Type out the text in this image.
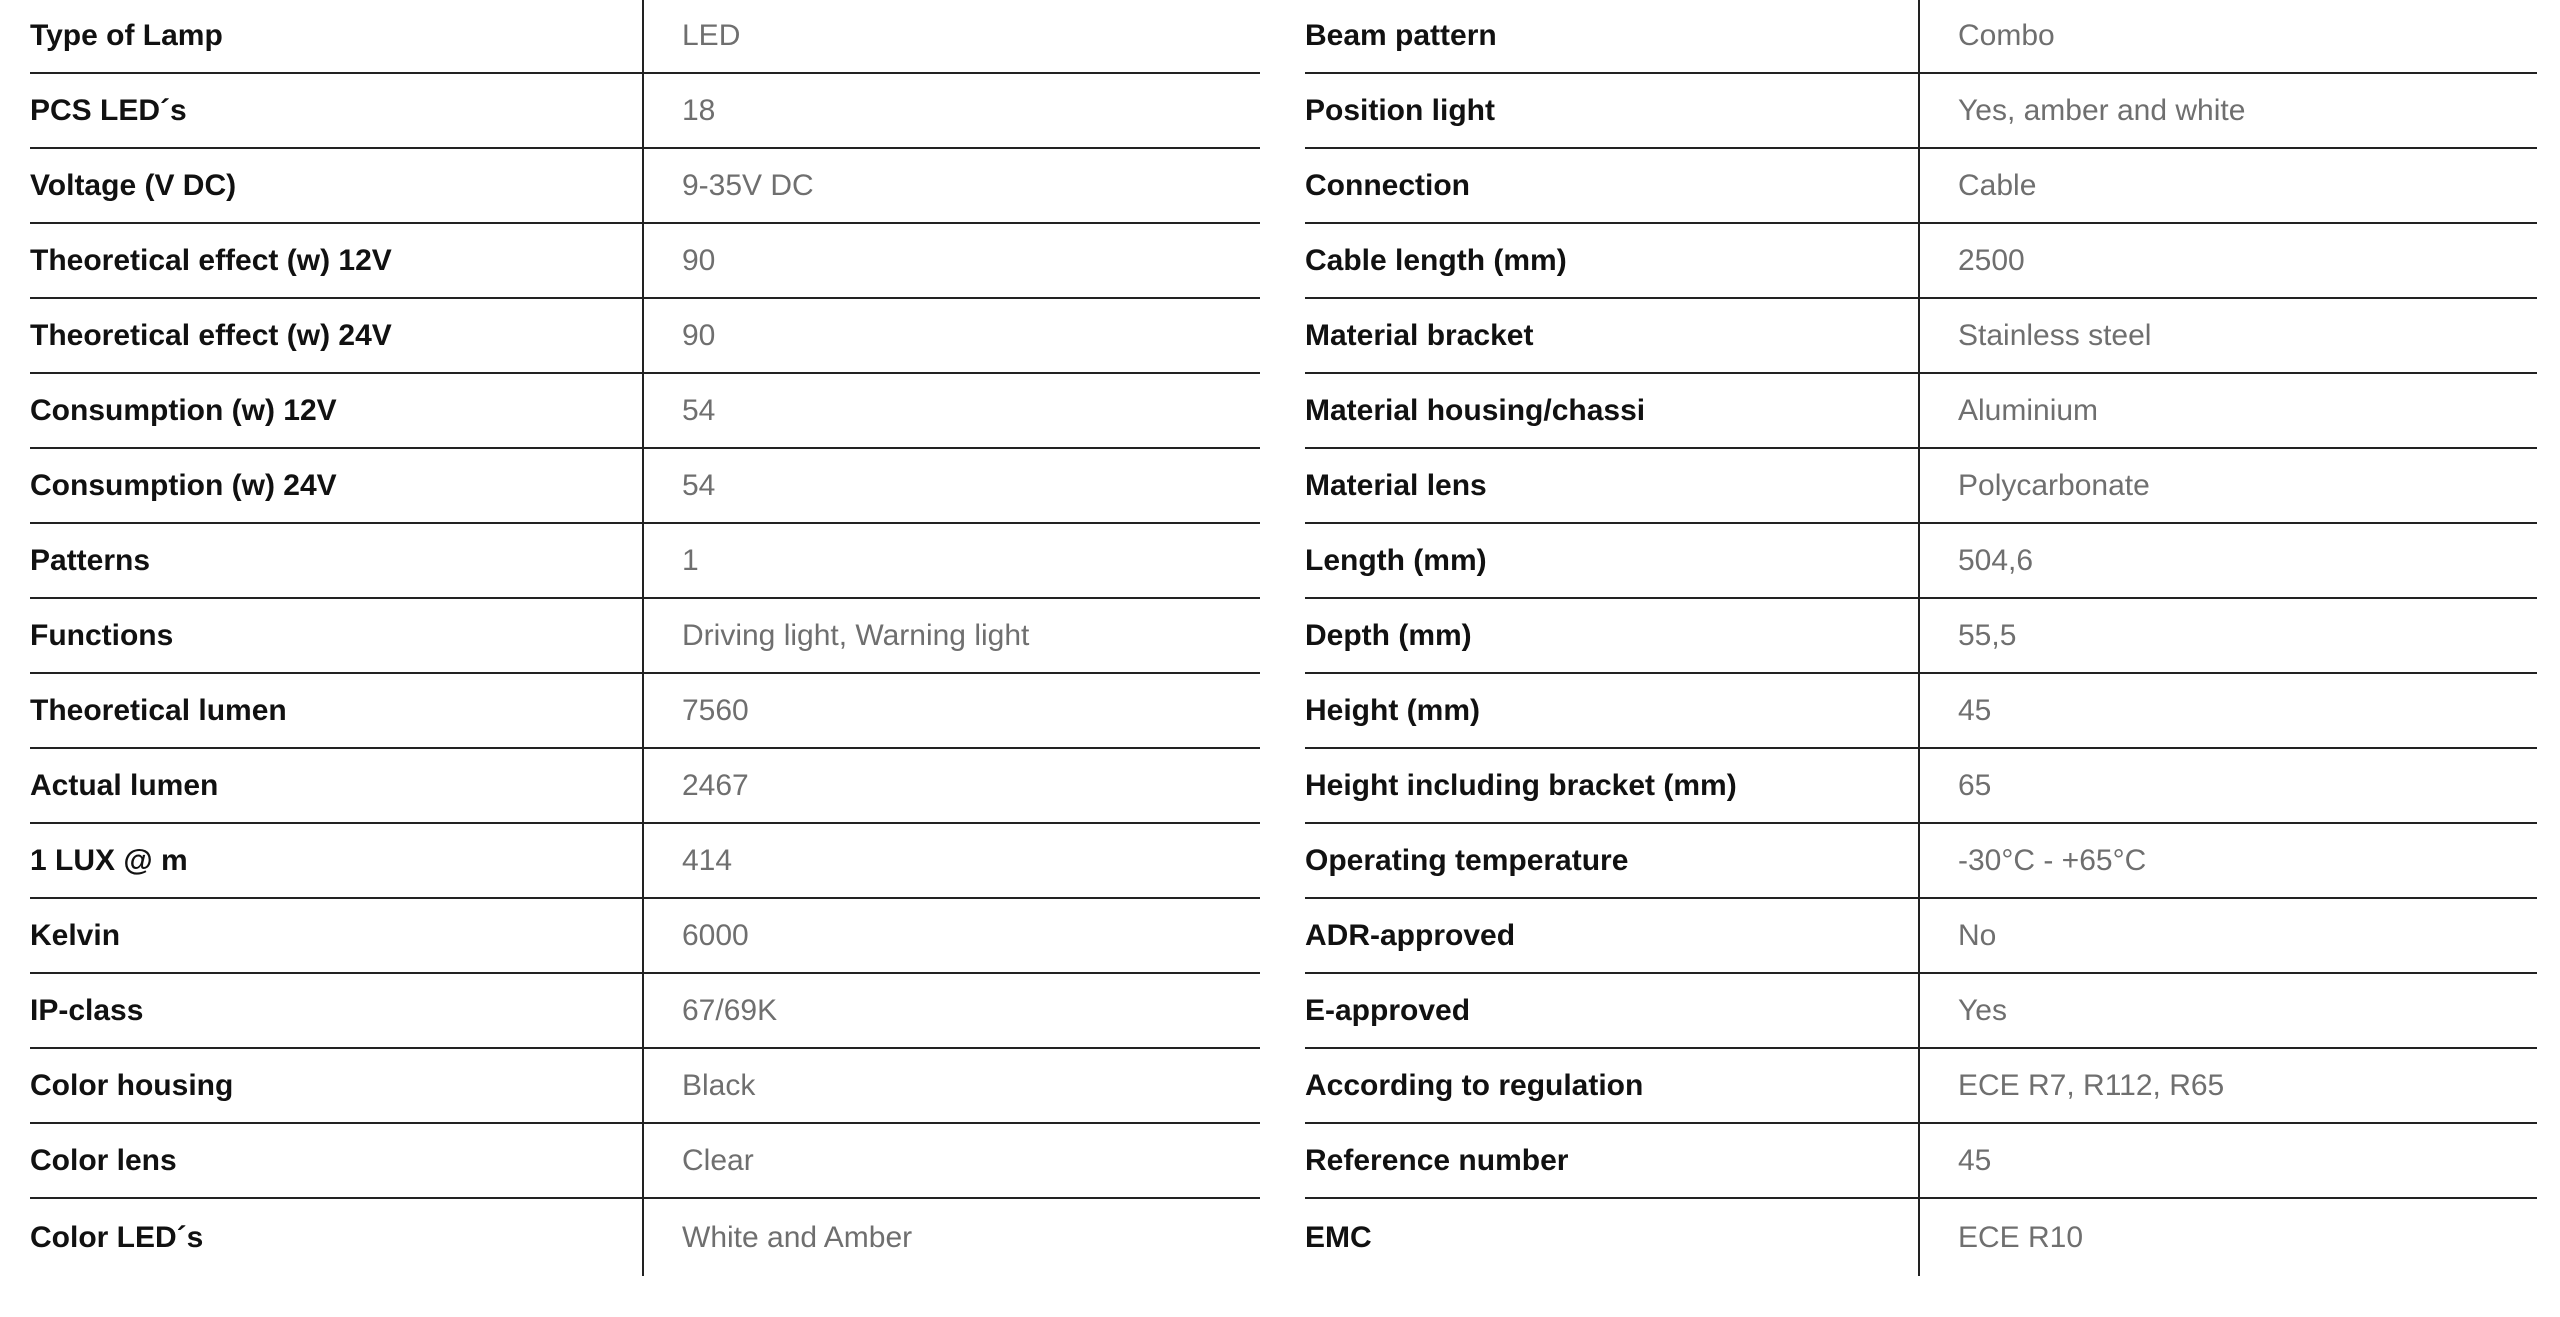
Type of Lamp	LED
PCS LED´s	18
Voltage (V DC)	9-35V DC
Theoretical effect (w) 12V	90
Theoretical effect (w) 24V	90
Consumption (w) 12V	54
Consumption (w) 24V	54
Patterns	1
Functions	Driving light, Warning light
Theoretical lumen	7560
Actual lumen	2467
1 LUX @ m	414
Kelvin	6000
IP-class	67/69K
Color housing	Black
Color lens	Clear
Color LED´s	White and Amber
Beam pattern	Combo
Position light	Yes, amber and white
Connection	Cable
Cable length (mm)	2500
Material bracket	Stainless steel
Material housing/chassi	Aluminium
Material lens	Polycarbonate
Length (mm)	504,6
Depth (mm)	55,5
Height (mm)	45
Height including bracket (mm)	65
Operating temperature	-30°C - +65°C
ADR-approved	No
E-approved	Yes
According to regulation	ECE R7, R112, R65
Reference number	45
EMC	ECE R10
